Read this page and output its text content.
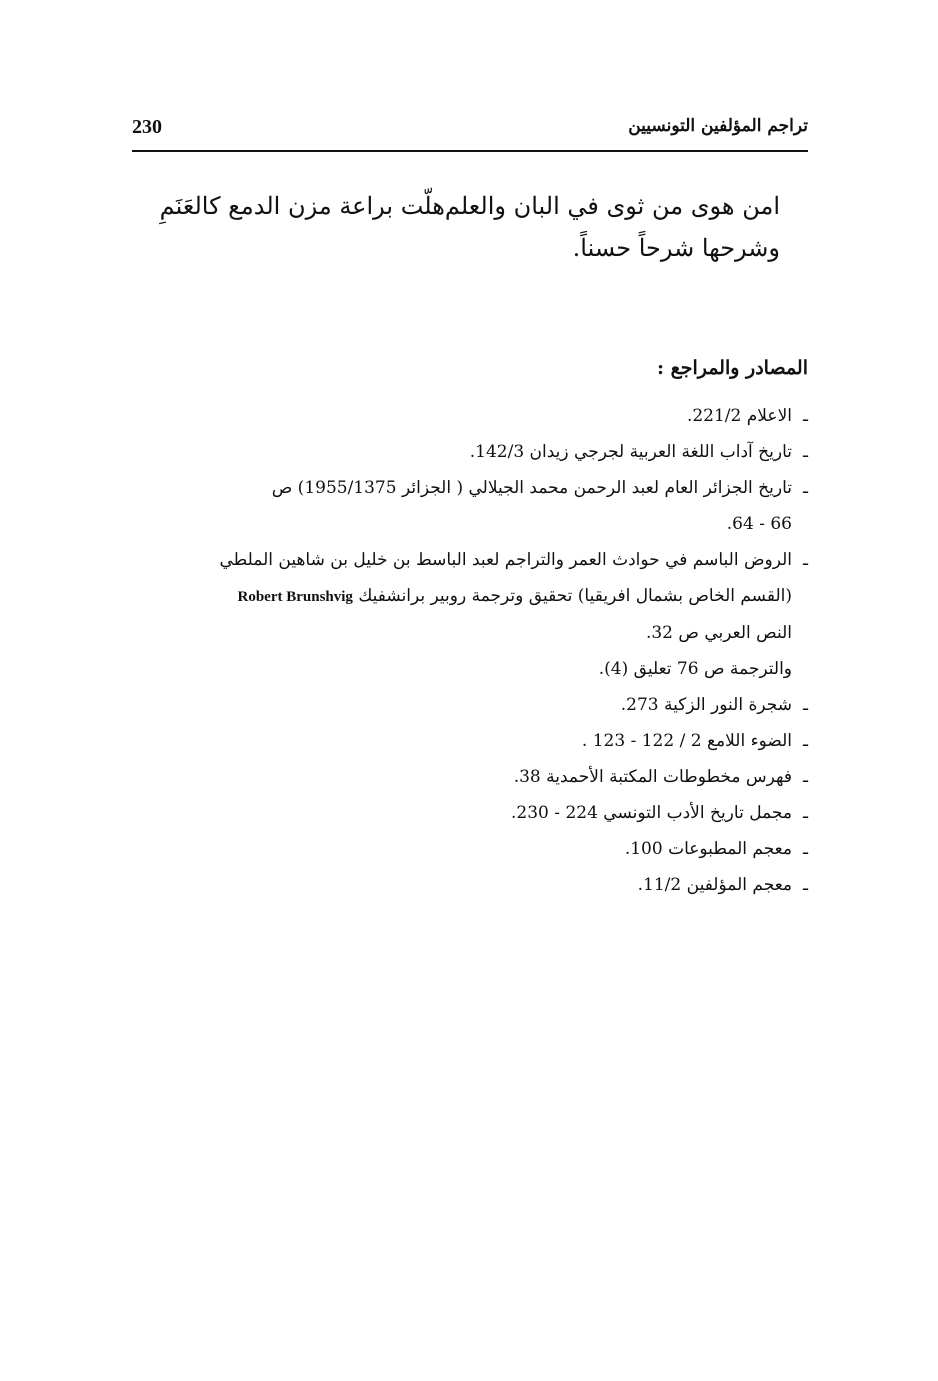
230	تراجم المؤلفين التونسيين
امن هوى من ثوى في البان والعلم
هلّت براعة مزن الدمع كالعَنَمِ
وشرحها شرحاً حسناً.
المصادر والمراجع :
ـ الاعلام 221/2.
ـ تاريخ آداب اللغة العربية لجرجي زيدان 142/3.
ـ تاريخ الجزائر العام لعبد الرحمن محمد الجيلالي ( الجزائر 1955/1375) ص
66 - 64.
ـ الروض الباسم في حوادث العمر والتراجم لعبد الباسط بن خليل بن شاهين الملطي
(القسم الخاص بشمال افريقيا) تحقيق وترجمة روبير برانشفيك Robert Brunshvig
النص العربي ص 32.
والترجمة ص 76 تعليق (4).
ـ شجرة النور الزكية 273.
ـ الضوء اللامع 2 / 122 - 123 .
ـ فهرس مخطوطات المكتبة الأحمدية 38.
ـ مجمل تاريخ الأدب التونسي 224 - 230.
ـ معجم المطبوعات 100.
ـ معجم المؤلفين 11/2.
